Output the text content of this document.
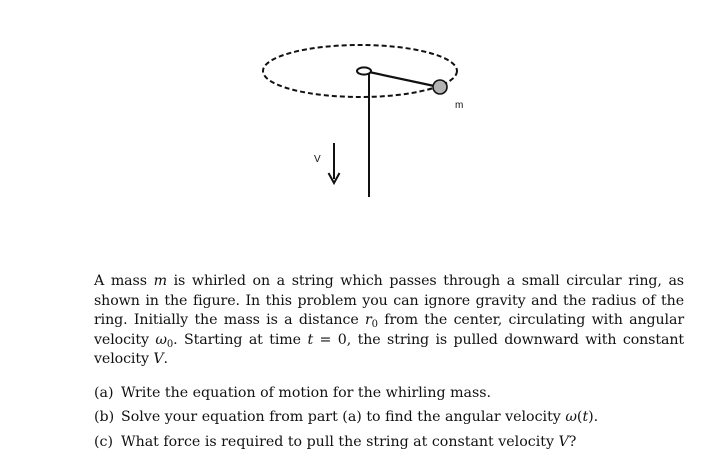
m
V

A mass m is whirled on a string which passes through a small circular ring, as shown in the figure. In this problem you can ignore gravity and the radius of the ring. Initially the mass is a distance $r_0$ from the center, circulating with angular velocity $\omega_0$. Starting at time t = 0, the string is pulled downward with constant velocity V.

(a) Write the equation of motion for the whirling mass.
(b) Solve your equation from part (a) to find the angular velocity ω(t).
(c) What force is required to pull the string at constant velocity V?
